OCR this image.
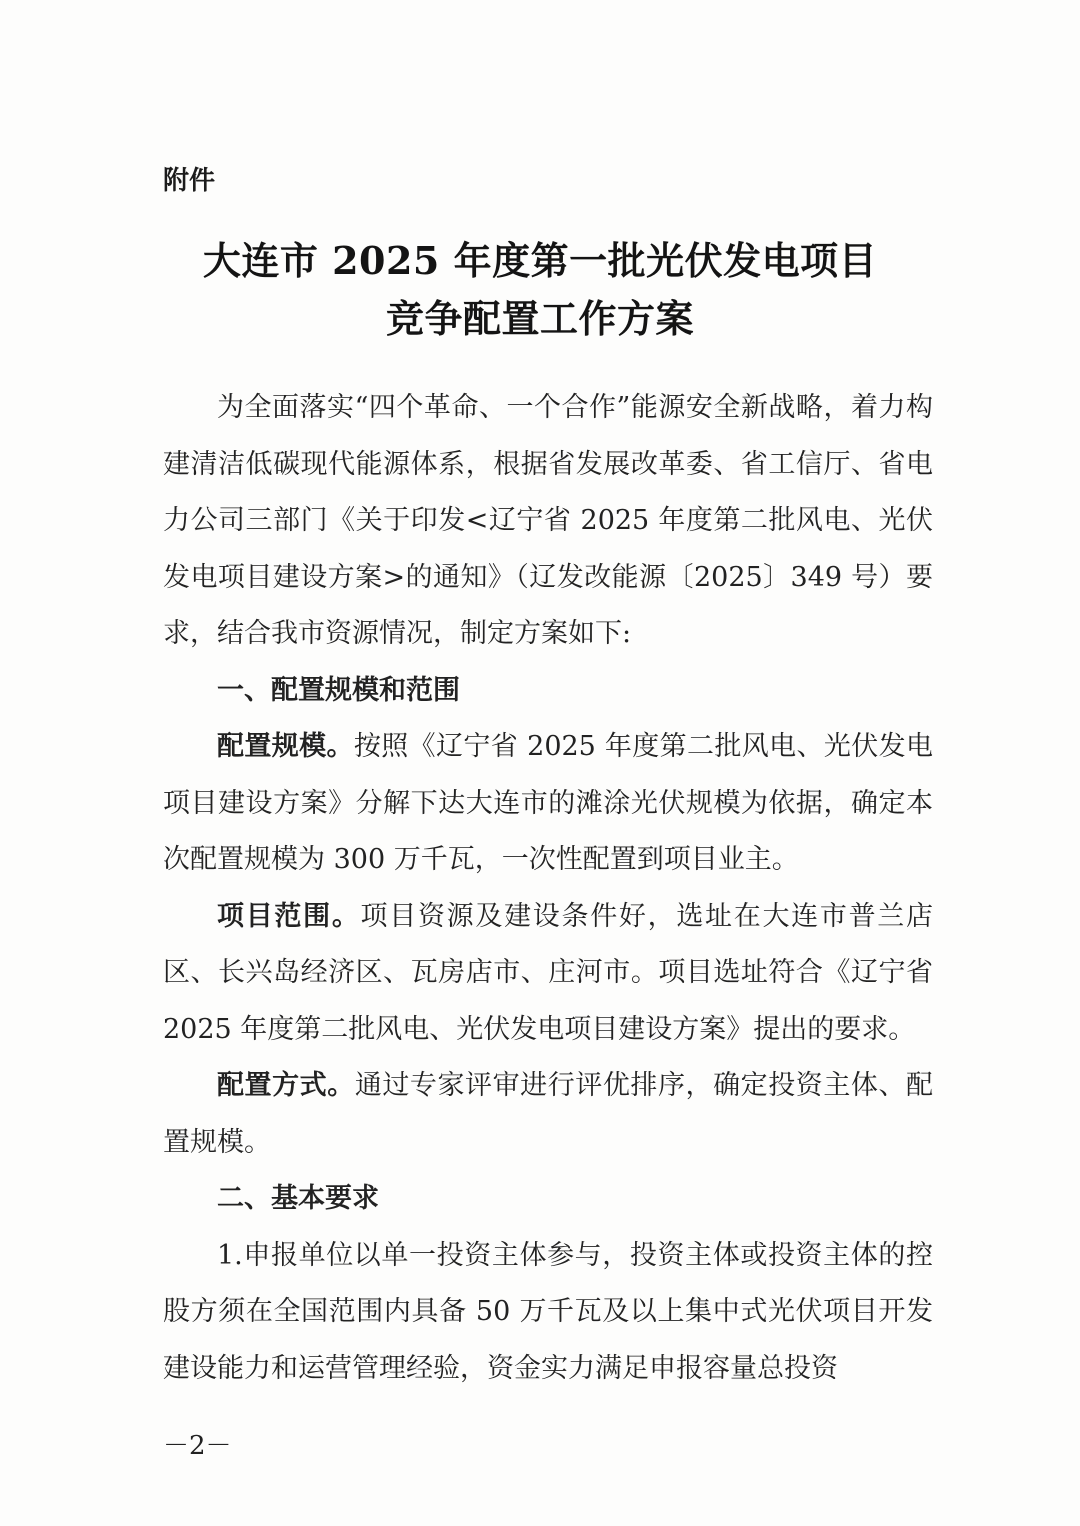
附件
大连市 2025 年度第一批光伏发电项目
竞争配置工作方案

为全面落实“四个革命、一个合作”能源安全新战略，着力构建清洁低碳现代能源体系，根据省发展改革委、省工信厅、省电力公司三部门《关于印发<辽宁省 2025 年度第二批风电、光伏发电项目建设方案>的通知》（辽发改能源〔2025〕349 号）要求，结合我市资源情况，制定方案如下:

一、配置规模和范围

配置规模。按照《辽宁省 2025 年度第二批风电、光伏发电项目建设方案》分解下达大连市的滩涂光伏规模为依据，确定本次配置规模为 300 万千瓦，一次性配置到项目业主。

项目范围。项目资源及建设条件好，选址在大连市普兰店区、长兴岛经济区、瓦房店市、庄河市。项目选址符合《辽宁省 2025 年度第二批风电、光伏发电项目建设方案》提出的要求。

配置方式。通过专家评审进行评优排序，确定投资主体、配置规模。

二、基本要求

1.申报单位以单一投资主体参与，投资主体或投资主体的控股方须在全国范围内具备 50 万千瓦及以上集中式光伏项目开发建设能力和运营管理经验，资金实力满足申报容量总投资

－2－
